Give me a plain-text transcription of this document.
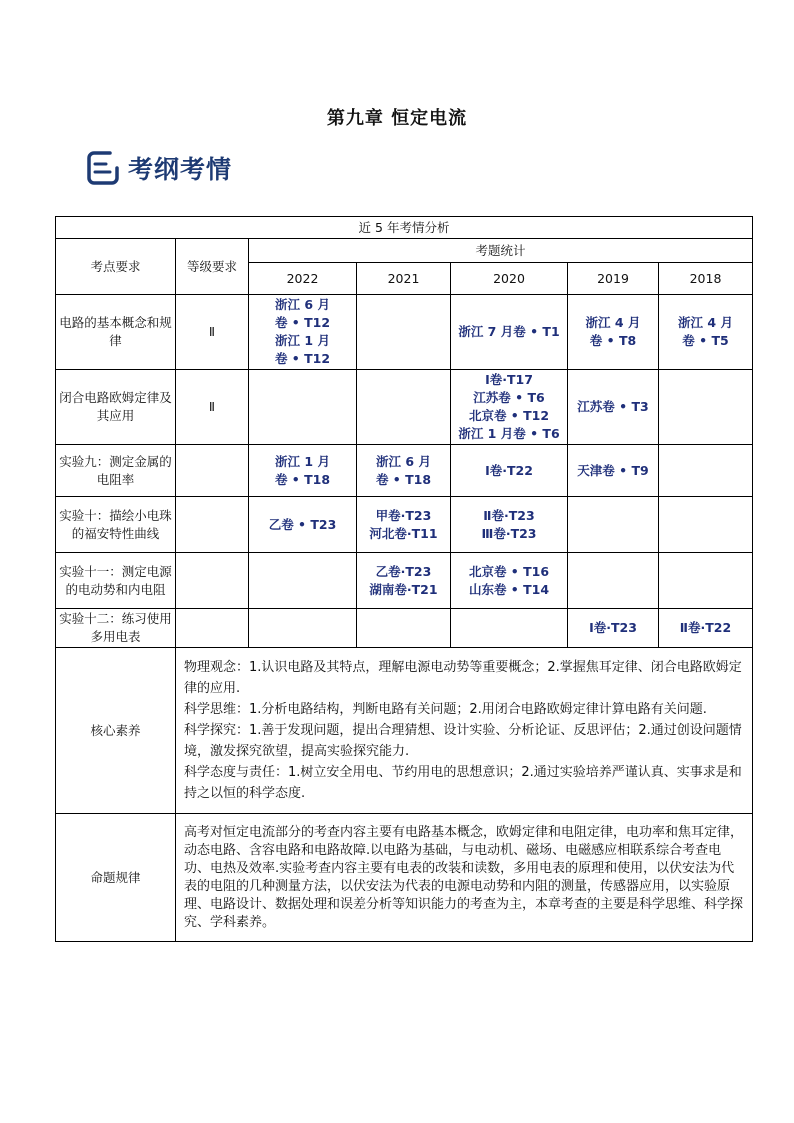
第九章 恒定电流
考纲考情
近 5 年考情分析						
考点要求	等级要求	考题统计				
		2022	2021	2020	2019	2018
电路的基本概念和规律	Ⅱ	浙江 6 月
卷 • T12
浙江 1 月
卷 • T12		浙江 7 月卷 • T1	浙江 4 月
卷 • T8	浙江 4 月
卷 • T5

闭合电路欧姆定律及其应用	Ⅱ			Ⅰ卷·T17
江苏卷 • T6
北京卷 • T12
浙江 1 月卷 • T6	江苏卷 • T3	

实验九：测定金属的电阻率		浙江 1 月
卷 • T18	浙江 6 月
卷 • T18	Ⅰ卷·T22	天津卷 • T9	

实验十：描绘小电珠的福安特性曲线		乙卷 • T23	甲卷·T23
河北卷·T11	Ⅱ卷·T23
Ⅲ卷·T23		

实验十一：测定电源的电动势和内电阻			乙卷·T23
湖南卷·T21	北京卷 • T16
山东卷 • T14		

实验十二：练习使用多用电表					Ⅰ卷·T23	Ⅱ卷·T22

核心素养	物理观念：1.认识电路及其特点，理解电源电动势等重要概念；2.掌握焦耳定律、闭合电路欧姆定律的应用.

科学思维：1.分析电路结构，判断电路有关问题；2.用闭合电路欧姆定律计算电路有关问题.

科学探究：1.善于发现问题，提出合理猜想、设计实验、分析论证、反思评估；2.通过创设问题情境，激发探究欲望，提高实验探究能力.

科学态度与责任：1.树立安全用电、节约用电的思想意识；2.通过实验培养严谨认真、实事求是和持之以恒的科学态度.					

命题规律	高考对恒定电流部分的考查内容主要有电路基本概念，欧姆定律和电阻定律，电功率和焦耳定律，动态电路、含容电路和电路故障.以电路为基础，与电动机、磁场、电磁感应相联系综合考查电功、电热及效率.实验考查内容主要有电表的改装和读数，多用电表的原理和使用，以伏安法为代表的电阻的几种测量方法，以伏安法为代表的电源电动势和内阻的测量，传感器应用，以实验原理、电路设计、数据处理和误差分析等知识能力的考查为主，本章考查的主要是科学思维、科学探究、学科素养。					
